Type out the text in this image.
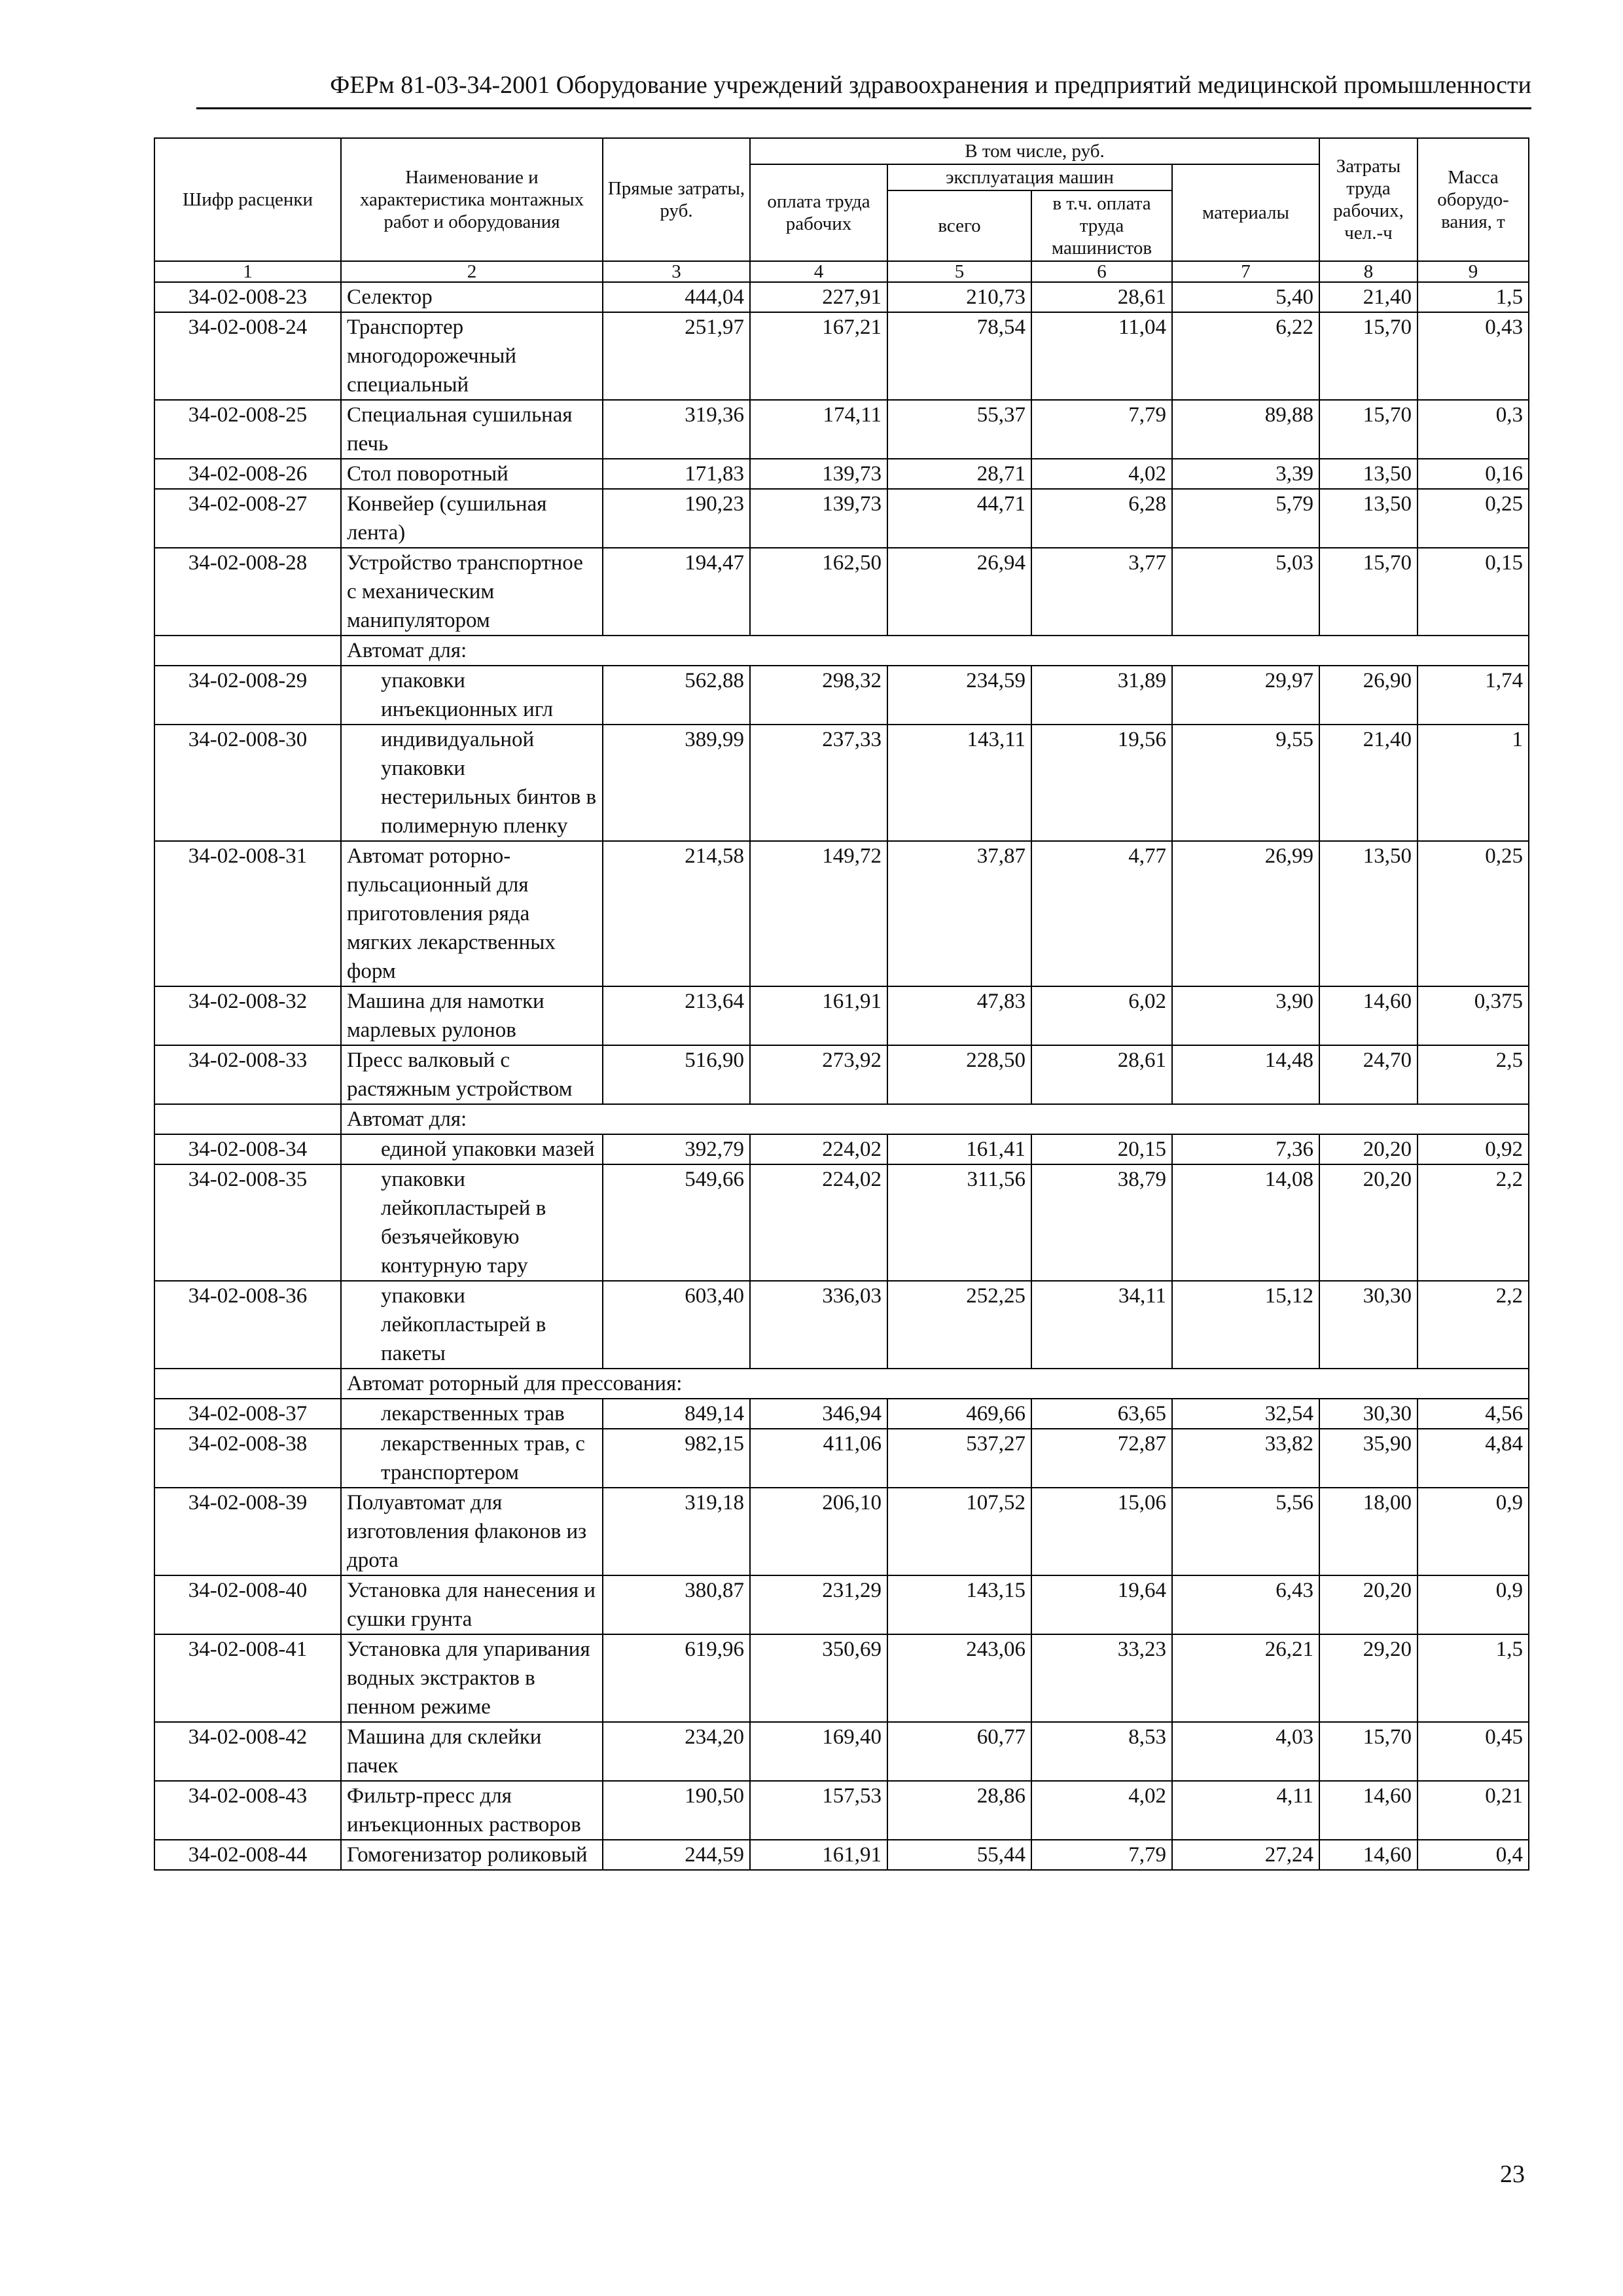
ФЕРм 81-03-34-2001 Оборудование учреждений здравоохранения и предприятий медицинской промышленности
Шифр расценки	Наименование и характеристика монтажных работ и оборудования	Прямые затраты, руб.	В том числе, руб.				Затраты труда рабочих, чел.-ч	Масса оборудо-вания, т
			оплата труда рабочих	эксплуатация машин		материалы		
				всего	в т.ч. оплата труда машинистов			
1	2	3	4	5	6	7	8	9
34-02-008-23	Селектор	444,04	227,91	210,73	28,61	5,40	21,40	1,5
34-02-008-24	Транспортер многодорожечный специальный	251,97	167,21	78,54	11,04	6,22	15,70	0,43
34-02-008-25	Специальная сушильная печь	319,36	174,11	55,37	7,79	89,88	15,70	0,3
34-02-008-26	Стол поворотный	171,83	139,73	28,71	4,02	3,39	13,50	0,16
34-02-008-27	Конвейер (сушильная лента)	190,23	139,73	44,71	6,28	5,79	13,50	0,25
34-02-008-28	Устройство транспортное с механическим манипулятором	194,47	162,50	26,94	3,77	5,03	15,70	0,15
	Автомат для:							
34-02-008-29	упаковки инъекционных игл	562,88	298,32	234,59	31,89	29,97	26,90	1,74
34-02-008-30	индивидуальной упаковки нестерильных бинтов в полимерную пленку	389,99	237,33	143,11	19,56	9,55	21,40	1
34-02-008-31	Автомат роторно-пульсационный для приготовления ряда мягких лекарственных форм	214,58	149,72	37,87	4,77	26,99	13,50	0,25
34-02-008-32	Машина для намотки марлевых рулонов	213,64	161,91	47,83	6,02	3,90	14,60	0,375
34-02-008-33	Пресс валковый с растяжным устройством	516,90	273,92	228,50	28,61	14,48	24,70	2,5
	Автомат для:							
34-02-008-34	единой упаковки мазей	392,79	224,02	161,41	20,15	7,36	20,20	0,92
34-02-008-35	упаковки лейкопластырей в безъячейковую контурную тару	549,66	224,02	311,56	38,79	14,08	20,20	2,2
34-02-008-36	упаковки лейкопластырей в пакеты	603,40	336,03	252,25	34,11	15,12	30,30	2,2
	Автомат роторный для прессования:							
34-02-008-37	лекарственных трав	849,14	346,94	469,66	63,65	32,54	30,30	4,56
34-02-008-38	лекарственных трав, с транспортером	982,15	411,06	537,27	72,87	33,82	35,90	4,84
34-02-008-39	Полуавтомат для изготовления флаконов из дрота	319,18	206,10	107,52	15,06	5,56	18,00	0,9
34-02-008-40	Установка для нанесения и сушки грунта	380,87	231,29	143,15	19,64	6,43	20,20	0,9
34-02-008-41	Установка для упаривания водных экстрактов в пенном режиме	619,96	350,69	243,06	33,23	26,21	29,20	1,5
34-02-008-42	Машина для склейки пачек	234,20	169,40	60,77	8,53	4,03	15,70	0,45
34-02-008-43	Фильтр-пресс для инъекционных растворов	190,50	157,53	28,86	4,02	4,11	14,60	0,21
34-02-008-44	Гомогенизатор роликовый	244,59	161,91	55,44	7,79	27,24	14,60	0,4
23
